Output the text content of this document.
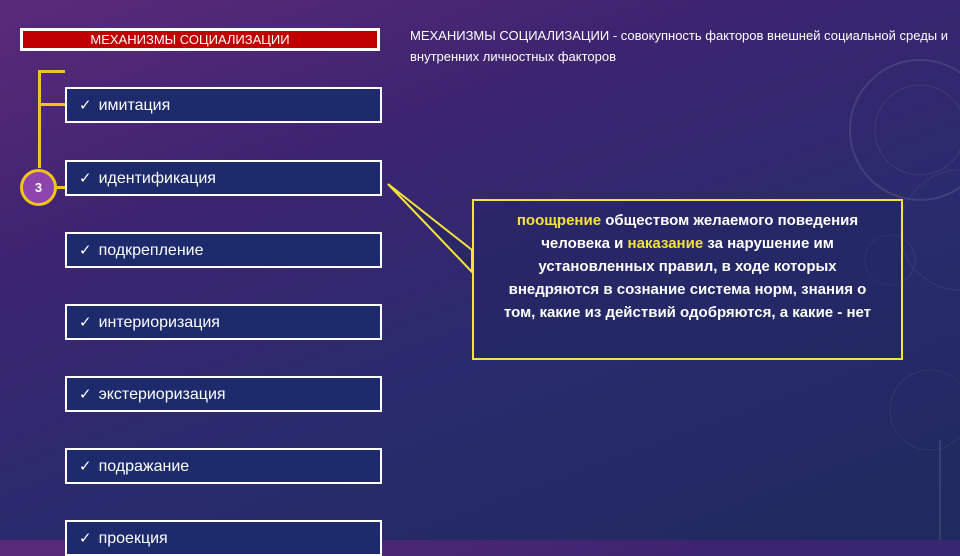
МЕХАНИЗМЫ СОЦИАЛИЗАЦИИ
3
✓ имитация
✓ идентификация
✓ подкрепление
✓ интериоризация
✓ экстериоризация
✓ подражание
✓ проекция
МЕХАНИЗМЫ СОЦИАЛИЗАЦИИ - совокупность факторов внешней социальной среды и внутренних личностных факторов
поощрение обществом желаемого поведения человека и наказание за нарушение им установленных правил, в ходе которых внедряются в сознание система норм, знания о том, какие из действий одобряются, а какие - нет
